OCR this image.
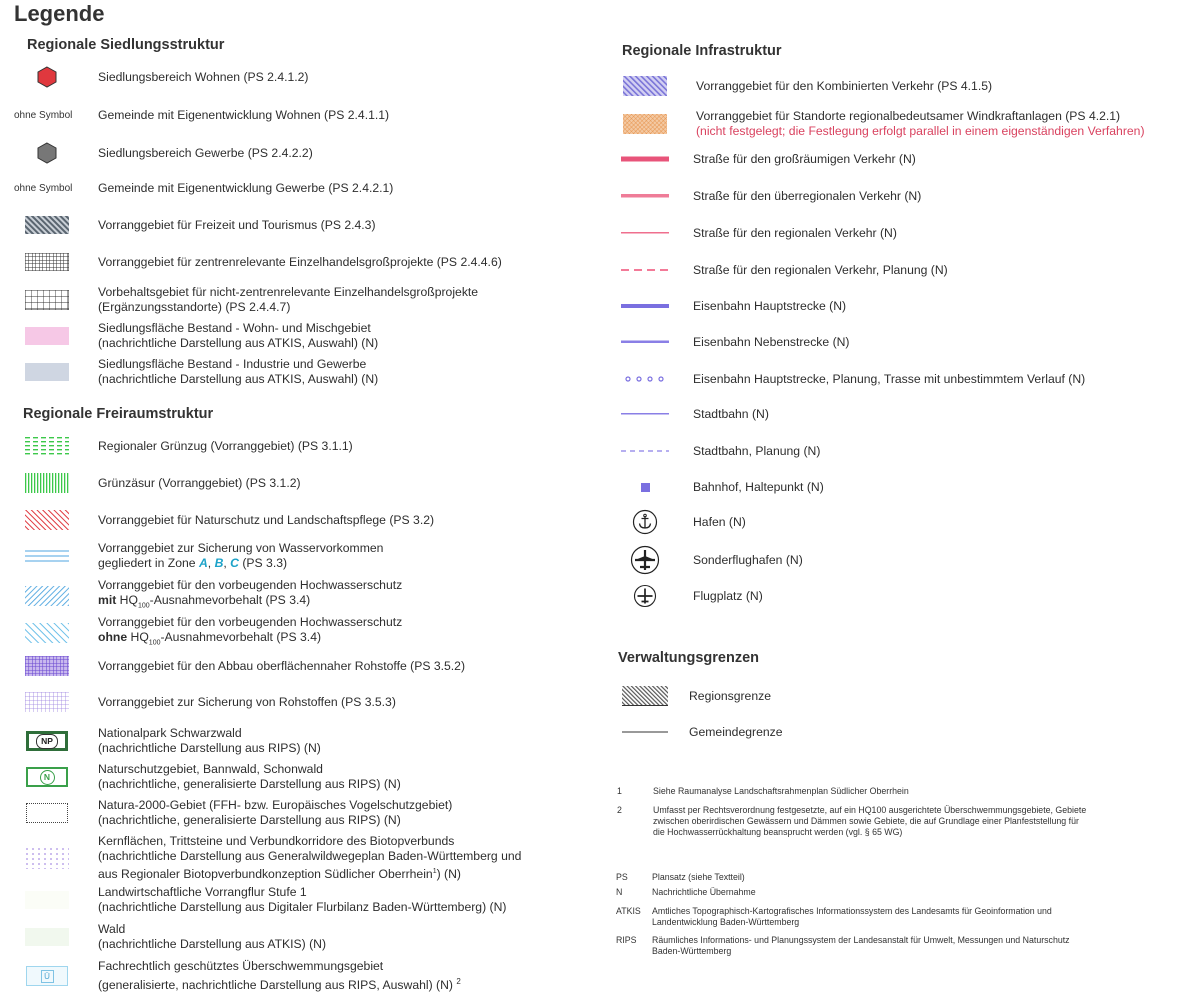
Legende
Regionale Siedlungsstruktur
Siedlungsbereich Wohnen (PS 2.4.1.2)
ohne Symbol Gemeinde mit Eigenentwicklung Wohnen (PS 2.4.1.1)
Siedlungsbereich Gewerbe (PS 2.4.2.2)
ohne Symbol Gemeinde mit Eigenentwicklung Gewerbe (PS 2.4.2.1)
Vorranggebiet für Freizeit und Tourismus (PS 2.4.3)
Vorranggebiet für zentrenrelevante Einzelhandelsgroßprojekte (PS 2.4.4.6)
Vorbehaltsgebiet für nicht-zentrenrelevante Einzelhandelsgroßprojekte
(Ergänzungsstandorte) (PS 2.4.4.7)
Siedlungsfläche Bestand - Wohn- und Mischgebiet
(nachrichtliche Darstellung aus ATKIS, Auswahl) (N)
Siedlungsfläche Bestand - Industrie und Gewerbe
(nachrichtliche Darstellung aus ATKIS, Auswahl) (N)
Regionale Freiraumstruktur
Regionaler Grünzug (Vorranggebiet) (PS 3.1.1)
Grünzäsur (Vorranggebiet) (PS 3.1.2)
Vorranggebiet für Naturschutz und Landschaftspflege (PS 3.2)
Vorranggebiet zur Sicherung von Wasservorkommen
gegliedert in Zone A, B, C (PS 3.3)
Vorranggebiet für den vorbeugenden Hochwasserschutz
mit $HQ_{100}$-Ausnahmevorbehalt (PS 3.4)
Vorranggebiet für den vorbeugenden Hochwasserschutz
ohne $HQ_{100}$-Ausnahmevorbehalt (PS 3.4)
Vorranggebiet für den Abbau oberflächennaher Rohstoffe (PS 3.5.2)
Vorranggebiet zur Sicherung von Rohstoffen (PS 3.5.3)
NP
Nationalpark Schwarzwald
(nachrichtliche Darstellung aus RIPS) (N)
N
Naturschutzgebiet, Bannwald, Schonwald
(nachrichtliche, generalisierte Darstellung aus RIPS) (N)
Natura-2000-Gebiet (FFH- bzw. Europäisches Vogelschutzgebiet)
(nachrichtliche, generalisierte Darstellung aus RIPS) (N)
Kernflächen, Trittsteine und Verbundkorridore des Biotopverbunds
(nachrichtliche Darstellung aus Generalwildwegeplan Baden-Württemberg und
aus Regionaler Biotopverbundkonzeption Südlicher Oberrhein$^1$) (N)
Landwirtschaftliche Vorrangflur Stufe 1
(nachrichtliche Darstellung aus Digitaler Flurbilanz Baden-Württemberg) (N)
Wald
(nachrichtliche Darstellung aus ATKIS) (N)
Ü
Fachrechtlich geschütztes Überschwemmungsgebiet
(generalisierte, nachrichtliche Darstellung aus RIPS, Auswahl) (N) $^2$
Regionale Infrastruktur
Vorranggebiet für den Kombinierten Verkehr (PS 4.1.5)
Vorranggebiet für Standorte regionalbedeutsamer Windkraftanlagen (PS 4.2.1)
(nicht festgelegt; die Festlegung erfolgt parallel in einem eigenständigen Verfahren)
Straße für den großräumigen Verkehr (N)
Straße für den überregionalen Verkehr (N)
Straße für den regionalen Verkehr (N)
Straße für den regionalen Verkehr, Planung (N)
Eisenbahn Hauptstrecke (N)
Eisenbahn Nebenstrecke (N)
Eisenbahn Hauptstrecke, Planung, Trasse mit unbestimmtem Verlauf (N)
Stadtbahn (N)
Stadtbahn, Planung (N)
Bahnhof, Haltepunkt (N)
Hafen (N)
Sonderflughafen (N)
Flugplatz (N)
Verwaltungsgrenzen
Regionsgrenze
Gemeindegrenze
1	Siehe Raumanalyse Landschaftsrahmenplan Südlicher Oberrhein
2	Umfasst per Rechtsverordnung festgesetzte, auf ein HQ100 ausgerichtete Überschwemmungsgebiete, Gebiete
zwischen oberirdischen Gewässern und Dämmen sowie Gebiete, die auf Grundlage einer Planfeststellung für
die Hochwasserrückhaltung beansprucht werden (vgl. § 65 WG)
PS	Plansatz (siehe Textteil)
N	Nachrichtliche Übernahme
ATKIS Amtliches Topographisch-Kartografisches Informationssystem des Landesamts für Geoinformation und
Landentwicklung Baden-Württemberg
RIPS Räumliches Informations- und Planungssystem der Landesanstalt für Umwelt, Messungen und Naturschutz
Baden-Württemberg
